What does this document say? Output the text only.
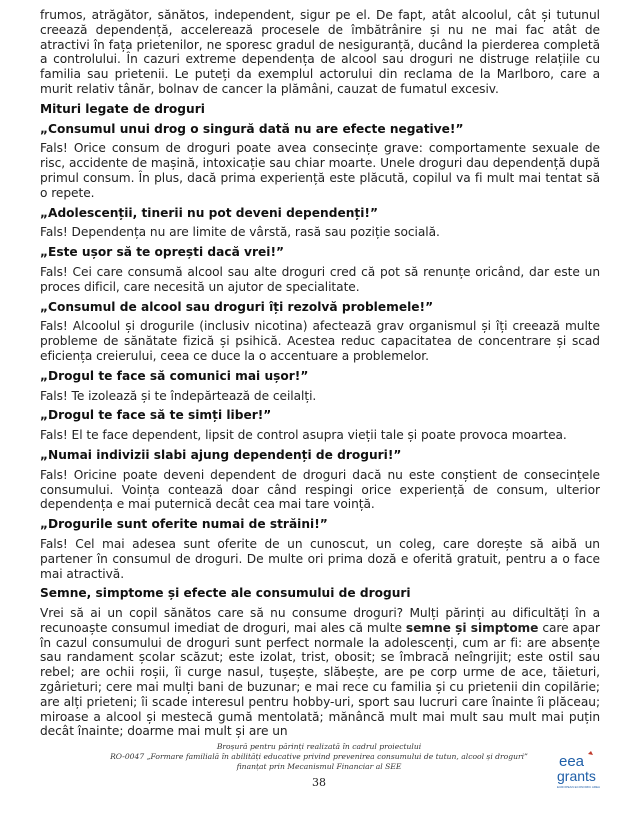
frumos, atrăgător, sănătos, independent, sigur pe el. De fapt, atât alcoolul, cât și tutunul creează dependență, accelerează procesele de îmbătrânire și nu ne mai fac atât de atractivi în fața prietenilor, ne sporesc gradul de nesiguranță, ducând la pierderea completă a controlului. În cazuri extreme dependența de alcool sau droguri ne distruge relațiile cu familia sau prietenii. Le puteți da exemplul actorului din reclama de la Marlboro, care a murit relativ tânăr, bolnav de cancer la plămâni, cauzat de fumatul excesiv.

Mituri legate de droguri

„Consumul unui drog o singură dată nu are efecte negative!”

Fals! Orice consum de droguri poate avea consecințe grave: comportamente sexuale de risc, accidente de mașină, intoxicație sau chiar moarte. Unele droguri dau dependență după primul consum. În plus, dacă prima experiență este plăcută, copilul va fi mult mai tentat să o repete.

„Adolescenții, tinerii nu pot deveni dependenți!”

Fals! Dependența nu are limite de vârstă, rasă sau poziție socială.

„Este ușor să te oprești dacă vrei!”

Fals! Cei care consumă alcool sau alte droguri cred că pot să renunțe oricând, dar este un proces dificil, care necesită un ajutor de specialitate.

„Consumul de alcool sau droguri îți rezolvă problemele!”

Fals! Alcoolul și drogurile (inclusiv nicotina) afectează grav organismul și îți creează multe probleme de sănătate fizică și psihică. Acestea reduc capacitatea de concentrare și scad eficiența creierului, ceea ce duce la o accentuare a problemelor.

„Drogul te face să comunici mai ușor!”

Fals! Te izolează și te îndepărtează de ceilalți.

„Drogul te face să te simți liber!”

Fals! El te face dependent, lipsit de control asupra vieții tale și poate provoca moartea.

„Numai indivizii slabi ajung dependenți de droguri!”

Fals! Oricine poate deveni dependent de droguri dacă nu este conștient de consecințele consumului. Voința contează doar când respingi orice experiență de consum, ulterior dependența e mai puternică decât cea mai tare voință.

„Drogurile sunt oferite numai de străini!”

Fals! Cel mai adesea sunt oferite de un cunoscut, un coleg, care dorește să aibă un partener în consumul de droguri. De multe ori prima doză e oferită gratuit, pentru a o face mai atractivă.

Semne, simptome și efecte ale consumului de droguri

Vrei să ai un copil sănătos care să nu consume droguri? Mulți părinți au dificultăți în a recunoaște consumul imediat de droguri, mai ales că multe semne și simptome care apar în cazul consumului de droguri sunt perfect normale la adolescenți, cum ar fi: are absențe sau randament școlar scăzut; este izolat, trist, obosit; se îmbracă neîngrijit; este ostil sau rebel; are ochii roșii, îi curge nasul, tușește, slăbește, are pe corp urme de ace, tăieturi, zgârieturi; cere mai mulți bani de buzunar; e mai rece cu familia și cu prietenii din copilărie; are alți prieteni; îi scade interesul pentru hobby-uri, sport sau lucruri care înainte îi plăceau; miroase a alcool și mestecă gumă mentolată; mănâncă mult mai mult sau mult mai puțin decât înainte; doarme mai mult și are un

Broșură pentru părinți realizată în cadrul proiectului
RO-0047 „Formare familială în abilități educative privind prevenirea consumului de tutun, alcool și droguri”
finanțat prin Mecanismul Financiar al SEE
38
eea
grants
EUROPEAN ECONOMIC AREA
